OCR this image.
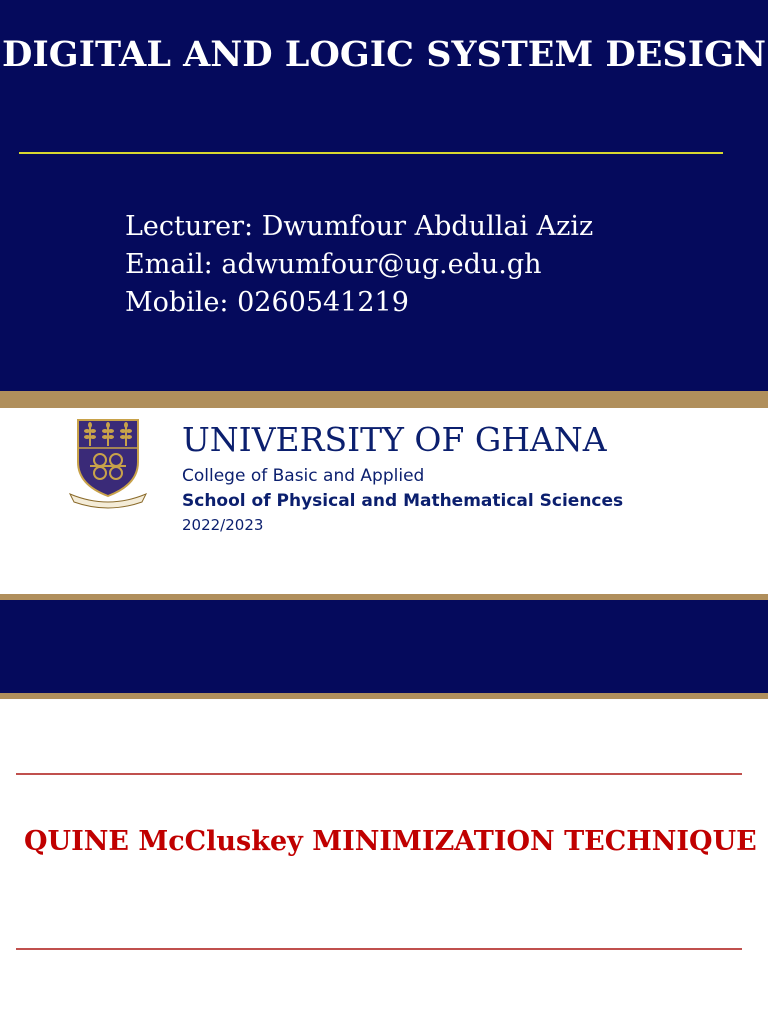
DIGITAL AND LOGIC SYSTEM DESIGN
Lecturer: Dwumfour Abdullai Aziz
Email: adwumfour@ug.edu.gh
Mobile: 0260541219
UNIVERSITY OF GHANA
College of Basic and Applied
School of Physical and Mathematical Sciences
2022/2023
QUINE McCluskey MINIMIZATION TECHNIQUE
